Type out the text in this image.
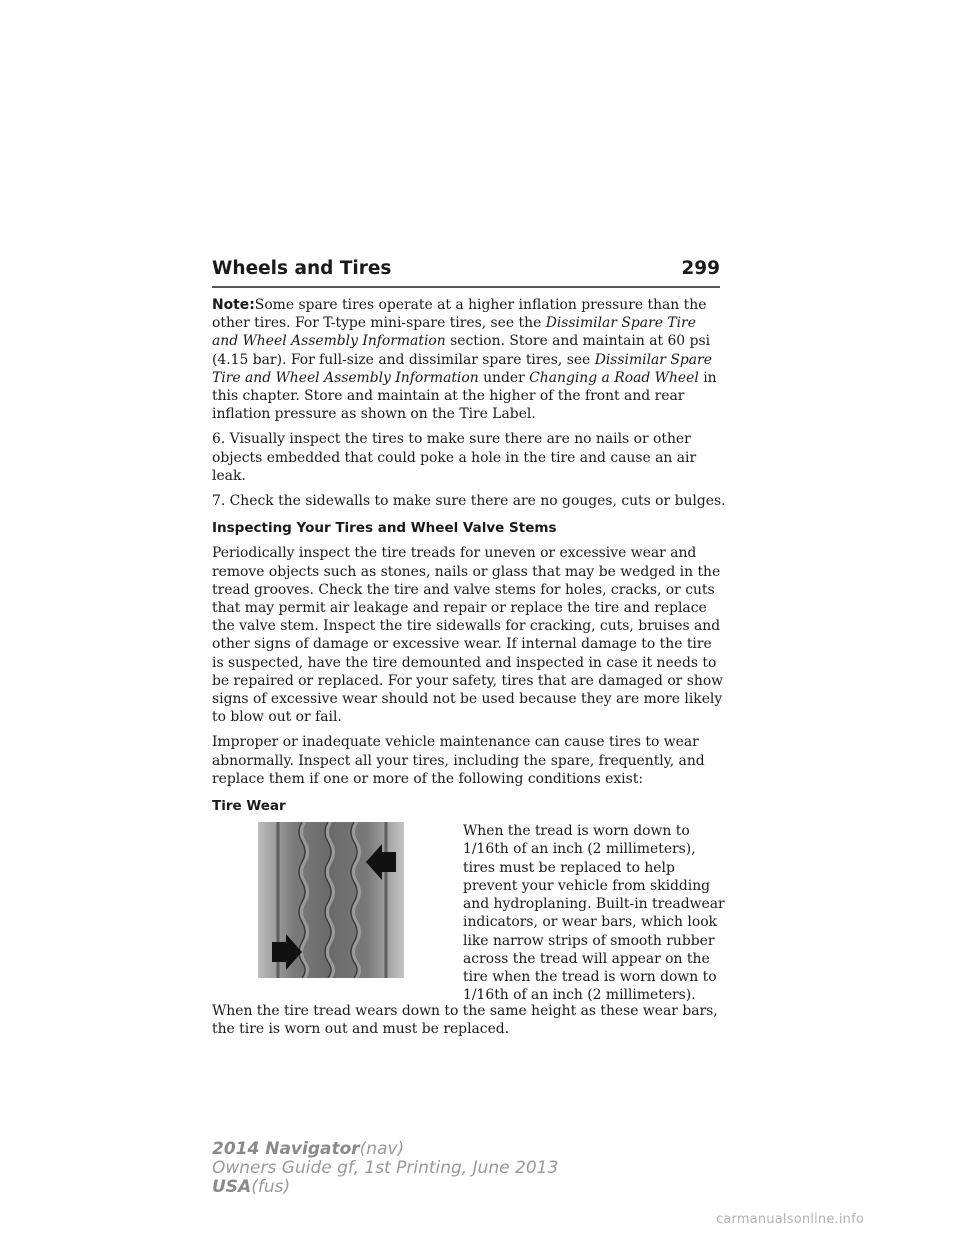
Wheels and Tires	299

Note:Some spare tires operate at a higher inflation pressure than the other tires. For T-type mini-spare tires, see the Dissimilar Spare Tire and Wheel Assembly Information section. Store and maintain at 60 psi (4.15 bar). For full-size and dissimilar spare tires, see Dissimilar Spare Tire and Wheel Assembly Information under Changing a Road Wheel in this chapter. Store and maintain at the higher of the front and rear inflation pressure as shown on the Tire Label.

6. Visually inspect the tires to make sure there are no nails or other objects embedded that could poke a hole in the tire and cause an air leak.

7. Check the sidewalls to make sure there are no gouges, cuts or bulges.

Inspecting Your Tires and Wheel Valve Stems

Periodically inspect the tire treads for uneven or excessive wear and remove objects such as stones, nails or glass that may be wedged in the tread grooves. Check the tire and valve stems for holes, cracks, or cuts that may permit air leakage and repair or replace the tire and replace the valve stem. Inspect the tire sidewalls for cracking, cuts, bruises and other signs of damage or excessive wear. If internal damage to the tire is suspected, have the tire demounted and inspected in case it needs to be repaired or replaced. For your safety, tires that are damaged or show signs of excessive wear should not be used because they are more likely to blow out or fail.

Improper or inadequate vehicle maintenance can cause tires to wear abnormally. Inspect all your tires, including the spare, frequently, and replace them if one or more of the following conditions exist:

Tire Wear
When the tread is worn down to 1/16th of an inch (2 millimeters), tires must be replaced to help prevent your vehicle from skidding and hydroplaning. Built-in treadwear indicators, or wear bars, which look like narrow strips of smooth rubber across the tread will appear on the tire when the tread is worn down to 1/16th of an inch (2 millimeters).

When the tire tread wears down to the same height as these wear bars, the tire is worn out and must be replaced.

2014 Navigator(nav)
Owners Guide gf, 1st Printing, June 2013
USA(fus)
carmanualsonline.info
